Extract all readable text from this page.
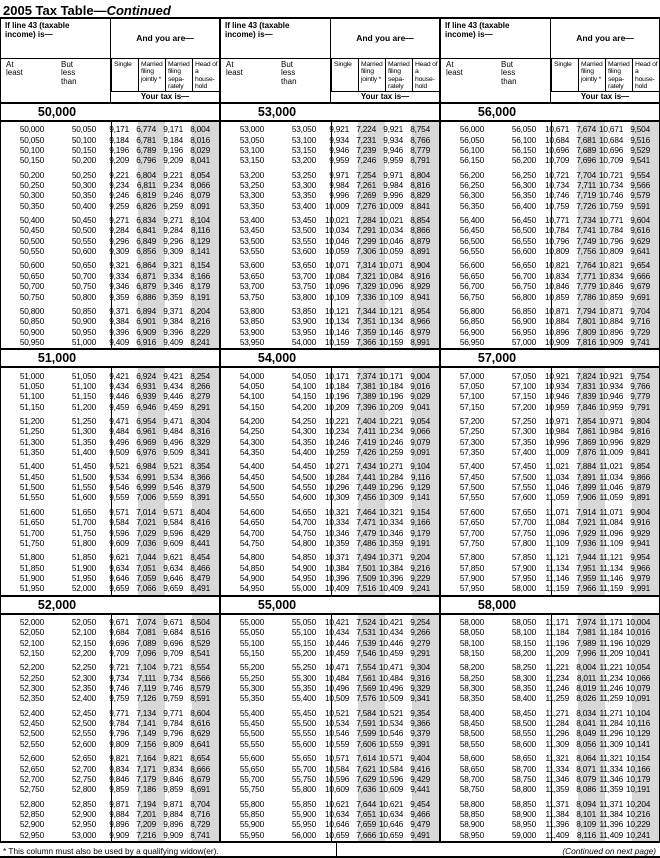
2005 Tax Table—Continued
If line 43 (taxable income) is—	And you are—
At least
But less than
Single	Married filing jointly *
Married filing sepa- rately
Head of a house- hold
Your tax is—
50,000
50,000	50,050	9,171 6,774 9,171 8,004
50,050	50,100	9,184 6,781 9,184 8,016
50,100	50,150	9,196 6,789 9,196 8,029
50,150	50,200	9,209 6,796 9,209 8,041
50,200	50,250	9,221 6,804 9,221 8,054
50,250	50,300	9,234 6,811 9,234 8,066
50,300	50,350	9,246 6,819 9,246 8,079
50,350	50,400	9,259 6,826 9,259 8,091
50,400	50,450	9,271 6,834 9,271 8,104
50,450	50,500	9,284 6,841 9,284 8,116
50,500	50,550	9,296 6,849 9,296 8,129
50,550	50,600	9,309 6,856 9,309 8,141
50,600	50,650	9,321 6,864 9,321 8,154
50,650	50,700	9,334 6,871 9,334 8,166
50,700	50,750	9,346 6,879 9,346 8,179
50,750	50,800	9,359 6,886 9,359 8,191
50,800	50,850	9,371 6,894 9,371 8,204
50,850	50,900	9,384 6,901 9,384 8,216
50,900	50,950	9,396 6,909 9,396 8,229
50,950	51,000	9,409 6,916 9,409 8,241
51,000
51,000	51,050	9,421 6,924 9,421 8,254
51,050	51,100	9,434 6,931 9,434 8,266
51,100	51,150	9,446 6,939 9,446 8,279
51,150	51,200	9,459 6,946 9,459 8,291
51,200	51,250	9,471 6,954 9,471 8,304
51,250	51,300	9,484 6,961 9,484 8,316
51,300	51,350	9,496 6,969 9,496 8,329
51,350	51,400	9,509 6,976 9,509 8,341
51,400	51,450	9,521 6,984 9,521 8,354
51,450	51,500	9,534 6,991 9,534 8,366
51,500	51,550	9,546 6,999 9,546 8,379
51,550	51,600	9,559 7,006 9,559 8,391
51,600	51,650	9,571 7,014 9,571 8,404
51,650	51,700	9,584 7,021 9,584 8,416
51,700	51,750	9,596 7,029 9,596 8,429
51,750	51,800	9,609 7,036 9,609 8,441
51,800	51,850	9,621 7,044 9,621 8,454
51,850	51,900	9,634 7,051 9,634 8,466
51,900	51,950	9,646 7,059 9,646 8,479
51,950	52,000	9,659 7,066 9,659 8,491
52,000
52,000	52,050	9,671 7,074 9,671 8,504
52,050	52,100	9,684 7,081 9,684 8,516
52,100	52,150	9,696 7,089 9,696 8,529
52,150	52,200	9,709 7,096 9,709 8,541
52,200	52,250	9,721 7,104 9,721 8,554
52,250	52,300	9,734	7,111 9,734 8,566
52,300	52,350	9,746 7,119 9,746 8,579
52,350	52,400	9,759 7,126 9,759 8,591
52,400	52,450	9,771 7,134 9,771 8,604
52,450	52,500	9,784 7,141 9,784 8,616
52,500	52,550	9,796 7,149 9,796 8,629
52,550	52,600	9,809 7,156 9,809 8,641
52,600	52,650	9,821 7,164 9,821 8,654
52,650	52,700	9,834 7,171 9,834 8,666
52,700	52,750	9,846 7,179 9,846 8,679
52,750	52,800	9,859 7,186 9,859 8,691
52,800	52,850	9,871 7,194 9,871 8,704
52,850	52,900	9,884 7,201 9,884 8,716
52,900	52,950	9,896 7,209 9,896 8,729
52,950	53,000	9,909 7,216 9,909 8,741
If line 43 (taxable income) is—	And you are—
At least
But less than
Single	Married filing jointly *
Married filing sepa- rately
Head of a house- hold
Your tax is—
53,000
53,000	53,050	9,921 7,224 9,921 8,754
53,050	53,100	9,934 7,231 9,934 8,766
53,100	53,150	9,946 7,239 9,946 8,779
53,150	53,200	9,959 7,246 9,959 8,791
53,200	53,250	9,971 7,254 9,971 8,804
53,250	53,300	9,984 7,261 9,984 8,816
53,300	53,350	9,996 7,269 9,996 8,829
53,350	53,400	10,009 7,276 10,009 8,841
53,400	53,450	10,021 7,284 10,021 8,854
53,450	53,500	10,034 7,291 10,034 8,866
53,500	53,550	10,046 7,299 10,046 8,879
53,550	53,600	10,059 7,306 10,059 8,891
53,600	53,650	10,071 7,314 10,071 8,904
53,650	53,700	10,084 7,321 10,084 8,916
53,700	53,750	10,096 7,329 10,096 8,929
53,750	53,800	10,109 7,336 10,109 8,941
53,800	53,850	10,121 7,344 10,121 8,954
53,850	53,900	10,134 7,351 10,134 8,966
53,900	53,950	10,146 7,359 10,146 8,979
53,950	54,000	10,159 7,366 10,159 8,991
54,000
54,000	54,050	10,171 7,374 10,171 9,004
54,050	54,100	10,184 7,381 10,184 9,016
54,100	54,150	10,196 7,389 10,196 9,029
54,150	54,200	10,209 7,396 10,209 9,041
54,200	54,250	10,221 7,404 10,221 9,054
54,250	54,300	10,234 7,411 10,234 9,066
54,300	54,350	10,246 7,419 10,246 9,079
54,350	54,400	10,259 7,426 10,259 9,091
54,400	54,450	10,271 7,434 10,271 9,104
54,450	54,500	10,284 7,441 10,284 9,116
54,500	54,550	10,296 7,449 10,296 9,129
54,550	54,600	10,309 7,456 10,309 9,141
54,600	54,650	10,321 7,464 10,321 9,154
54,650	54,700	10,334 7,471 10,334 9,166
54,700	54,750	10,346 7,479 10,346 9,179
54,750	54,800	10,359 7,486 10,359 9,191
54,800	54,850	10,371 7,494 10,371 9,204
54,850	54,900	10,384 7,501 10,384 9,216
54,900	54,950	10,396 7,509 10,396 9,229
54,950	55,000	10,409 7,516 10,409 9,241
55,000
55,000	55,050	10,421 7,524 10,421 9,254
55,050	55,100	10,434 7,531 10,434 9,266
55,100	55,150	10,446 7,539 10,446 9,279
55,150	55,200	10,459 7,546 10,459 9,291
55,200	55,250	10,471 7,554 10,471 9,304
55,250	55,300	10,484 7,561 10,484 9,316
55,300	55,350	10,496 7,569 10,496 9,329
55,350	55,400	10,509 7,576 10,509 9,341
55,400	55,450	10,521 7,584 10,521 9,354
55,450	55,500	10,534 7,591 10,534 9,366
55,500	55,550	10,546 7,599 10,546 9,379
55,550	55,600	10,559 7,606 10,559 9,391
55,600	55,650	10,571 7,614 10,571 9,404
55,650	55,700	10,584 7,621 10,584 9,416
55,700	55,750	10,596 7,629 10,596 9,429
55,750	55,800	10,609 7,636 10,609 9,441
55,800	55,850	10,621 7,644 10,621 9,454
55,850	55,900	10,634 7,651 10,634 9,466
55,900	55,950	10,646 7,659 10,646 9,479
55,950	56,000	10,659 7,666 10,659 9,491
If line 43 (taxable income) is—	And you are—
At least
But less than
Single	Married filing jointly *
Married filing sepa- rately
Head of a house- hold
Your tax is—
56,000
56,000	56,050	10,671 7,674 10,671 9,504
56,050	56,100	10,684 7,681 10,684 9,516
56,100	56,150	10,696 7,689 10,696 9,529
56,150	56,200	10,709 7,696 10,709 9,541
56,200	56,250	10,721 7,704 10,721 9,554
56,250	56,300	10,734 7,711 10,734 9,566
56,300	56,350	10,746 7,719 10,746 9,579
56,350	56,400	10,759 7,726 10,759 9,591
56,400	56,450	10,771 7,734 10,771 9,604
56,450	56,500	10,784 7,741 10,784 9,616
56,500	56,550	10,796 7,749 10,796 9,629
56,550	56,600	10,809 7,756 10,809 9,641
56,600	56,650	10,821 7,764 10,821 9,654
56,650	56,700	10,834 7,771 10,834 9,666
56,700	56,750	10,846 7,779 10,846 9,679
56,750	56,800	10,859 7,786 10,859 9,691
56,800	56,850	10,871 7,794 10,871 9,704
56,850	56,900	10,884 7,801 10,884 9,716
56,900	56,950	10,896 7,809 10,896 9,729
56,950	57,000	10,909 7,816 10,909 9,741
57,000
57,000	57,050	10,921 7,824 10,921 9,754
57,050	57,100	10,934 7,831 10,934 9,766
57,100	57,150	10,946 7,839 10,946 9,779
57,150	57,200	10,959 7,846 10,959 9,791
57,200	57,250	10,971 7,854 10,971 9,804
57,250	57,300	10,984 7,861 10,984 9,816
57,300	57,350	10,996 7,869 10,996 9,829
57,350	57,400	11,009 7,876 11,009 9,841
57,400	57,450	11,021 7,884 11,021 9,854
57,450	57,500	11,034 7,891 11,034 9,866
57,500	57,550	11,046 7,899 11,046 9,879
57,550	57,600	11,059 7,906 11,059 9,891
57,600	57,650	11,071 7,914 11,071 9,904
57,650	57,700	11,084 7,921 11,084 9,916
57,700	57,750	11,096 7,929 11,096 9,929
57,750	57,800	11,109 7,936 11,109 9,941
57,800	57,850	11,121 7,944 11,121 9,954
57,850	57,900	11,134 7,951 11,134 9,966
57,900	57,950	11,146 7,959 11,146 9,979
57,950	58,000	11,159 7,966 11,159 9,991
58,000
58,000	58,050	11,171 7,974 11,171 10,004
58,050	58,100	11,184 7,981 11,184 10,016
58,100	58,150	11,196 7,989 11,196 10,029
58,150	58,200	11,209 7,996 11,209 10,041
58,200	58,250	11,221 8,004 11,221 10,054
58,250	58,300	11,234 8,011 11,234 10,066
58,300	58,350	11,246 8,019 11,246 10,079
58,350	58,400	11,259 8,026 11,259 10,091
58,400	58,450	11,271 8,034 11,271 10,104
58,450	58,500	11,284 8,041 11,284 10,116
58,500	58,550	11,296 8,049 11,296 10,129
58,550	58,600	11,309 8,056 11,309 10,141
58,600	58,650	11,321 8,064 11,321 10,154
58,650	58,700	11,334 8,071 11,334 10,166
58,700	58,750	11,346 8,079 11,346 10,179
58,750	58,800	11,359 8,086 11,359 10,191
58,800	58,850	11,371 8,094 11,371 10,204
58,850	58,900	11,384 8,101 11,384 10,216
58,900	58,950	11,396 8,109 11,396 10,229
58,950	59,000	11,409 8,116 11,409 10,241
* This column must also be used by a qualifying widow(er).	(Continued on next page)
